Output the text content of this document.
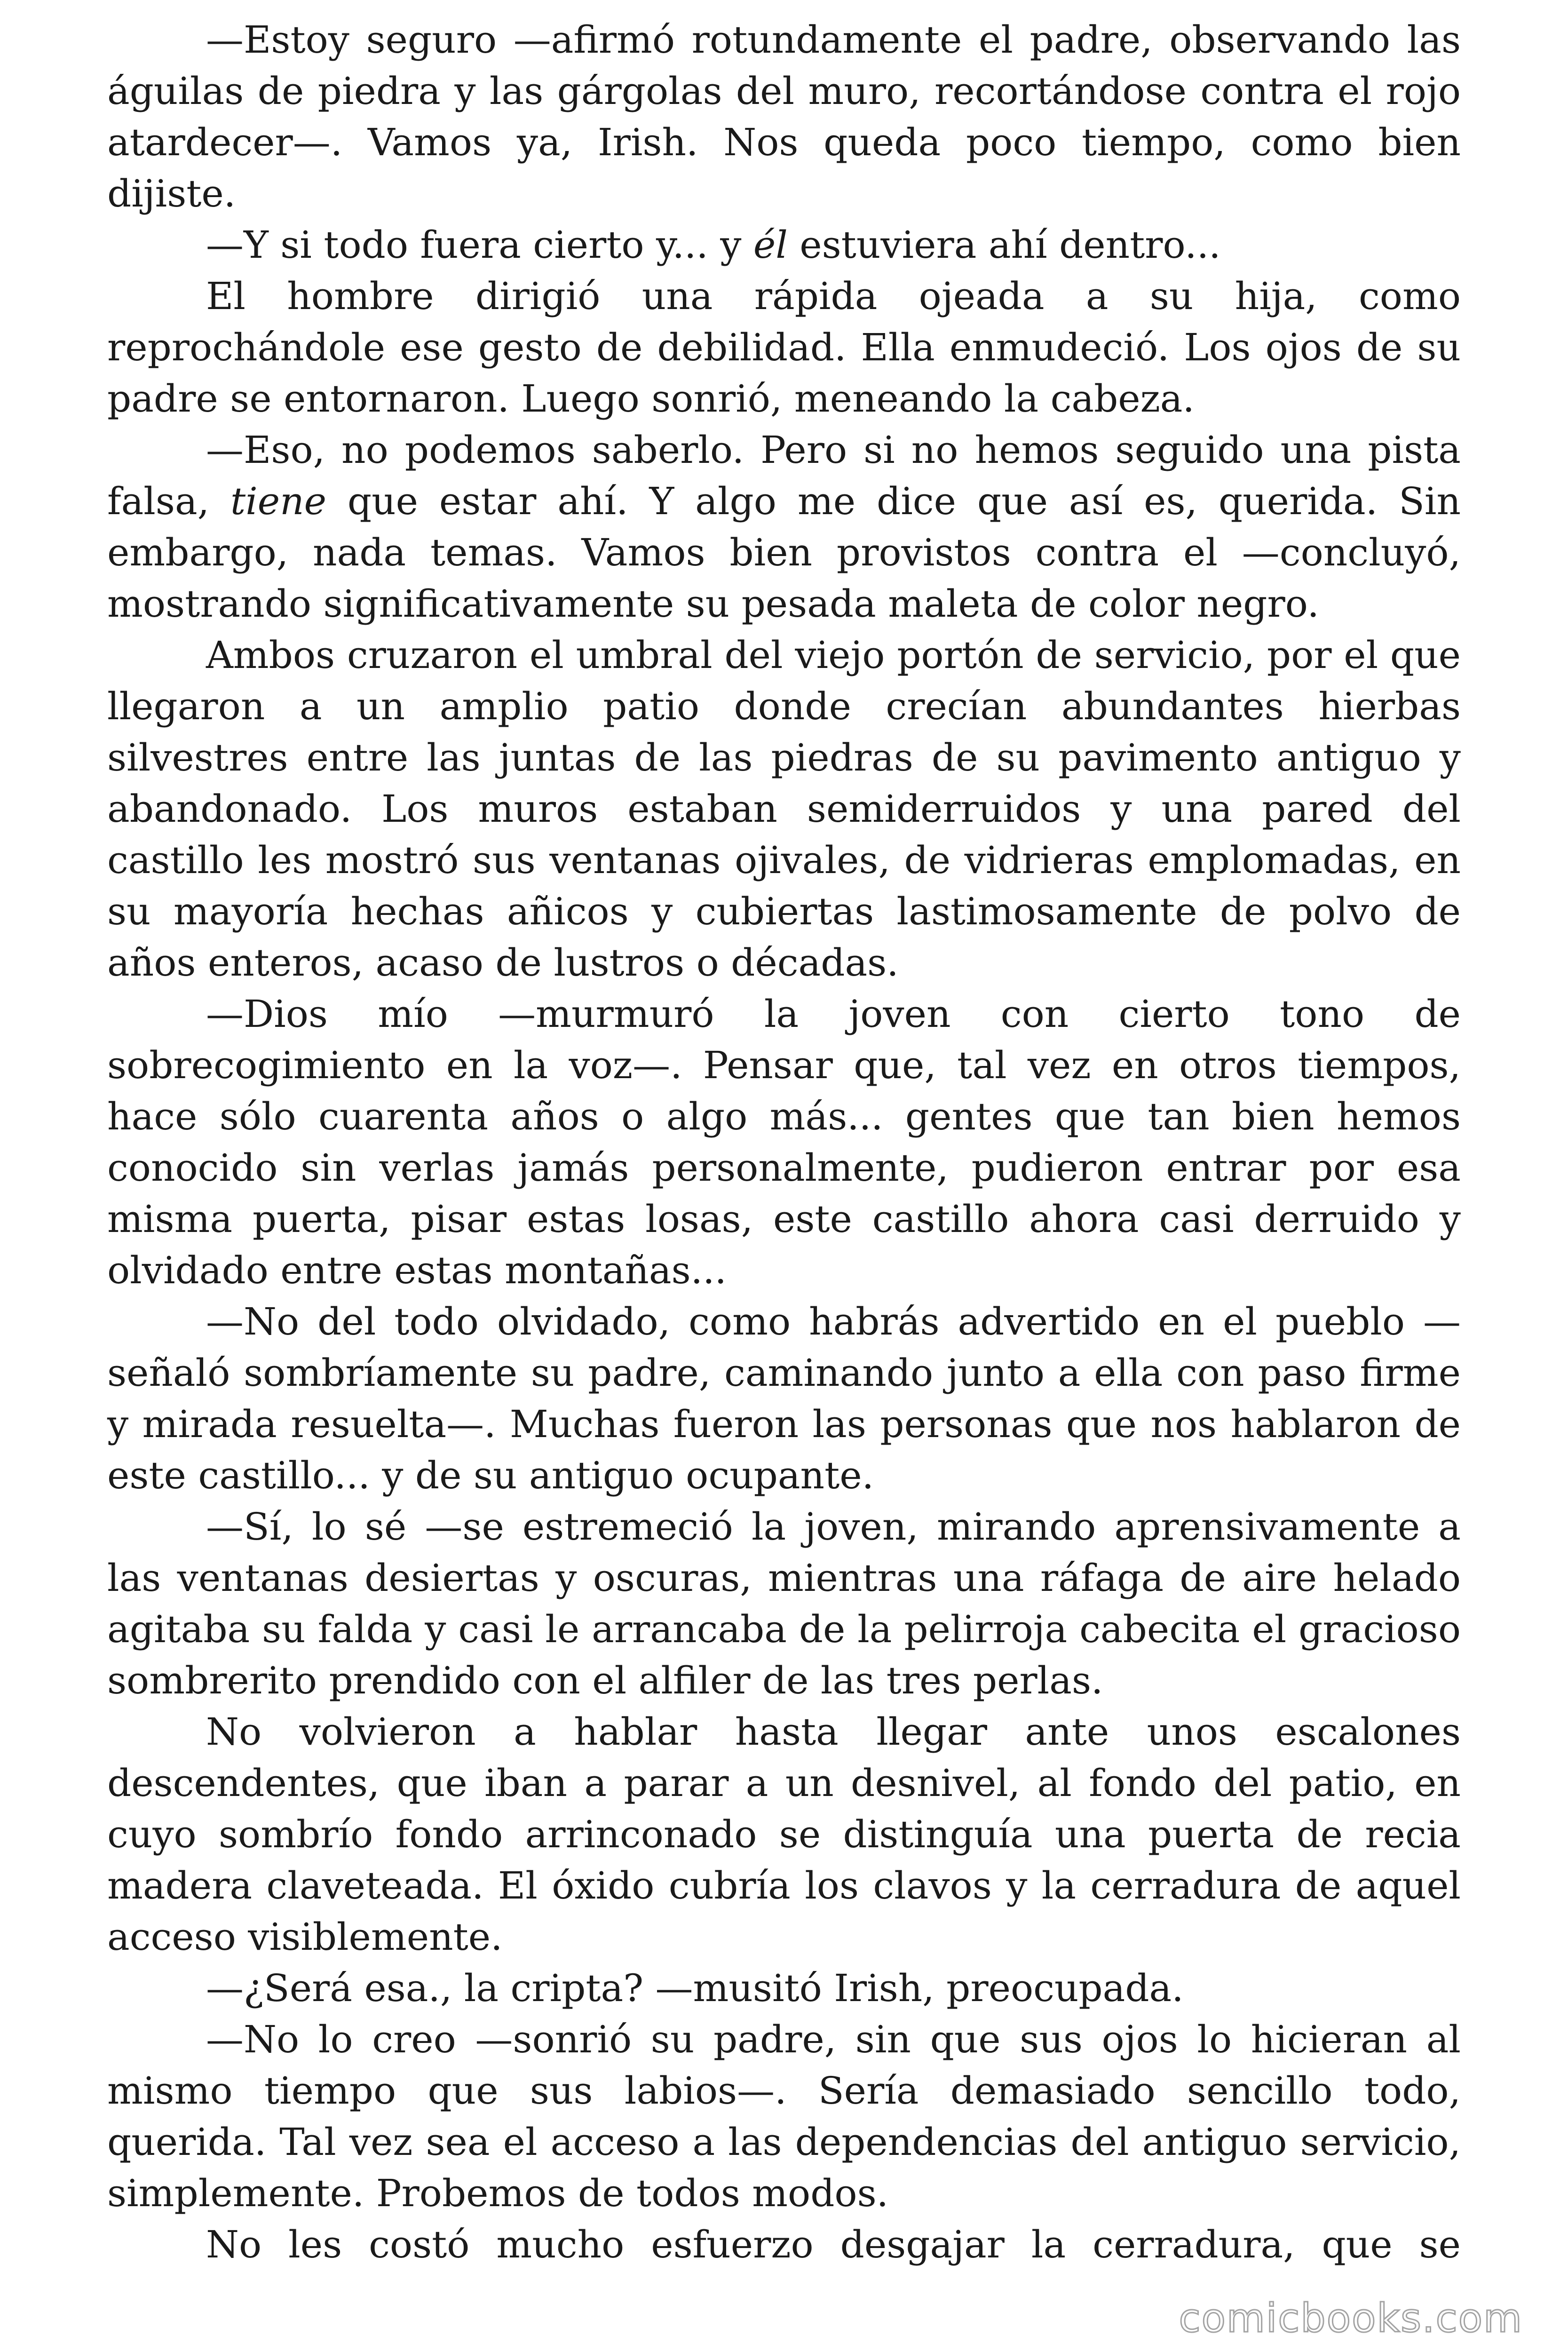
—Estoy seguro —afirmó rotundamente el padre, observando las águilas de piedra y las gárgolas del muro, recortándose contra el rojo atardecer—. Vamos ya, Irish. Nos queda poco tiempo, como bien dijiste.

—Y si todo fuera cierto y... y él estuviera ahí dentro...

El hombre dirigió una rápida ojeada a su hija, como reprochándole ese gesto de debilidad. Ella enmudeció. Los ojos de su padre se entornaron. Luego sonrió, meneando la cabeza.

—Eso, no podemos saberlo. Pero si no hemos seguido una pista falsa, tiene que estar ahí. Y algo me dice que así es, querida. Sin embargo, nada temas. Vamos bien provistos contra el —concluyó, mostrando significativamente su pesada maleta de color negro.

Ambos cruzaron el umbral del viejo portón de servicio, por el que llegaron a un amplio patio donde crecían abundantes hierbas silvestres entre las juntas de las piedras de su pavimento antiguo y abandonado. Los muros estaban semiderruidos y una pared del castillo les mostró sus ventanas ojivales, de vidrieras emplomadas, en su mayoría hechas añicos y cubiertas lastimosamente de polvo de años enteros, acaso de lustros o décadas.

—Dios mío —murmuró la joven con cierto tono de sobrecogimiento en la voz—. Pensar que, tal vez en otros tiempos, hace sólo cuarenta años o algo más... gentes que tan bien hemos conocido sin verlas jamás personalmente, pudieron entrar por esa misma puerta, pisar estas losas, este castillo ahora casi derruido y olvidado entre estas montañas...

—No del todo olvidado, como habrás advertido en el pueblo —señaló sombríamente su padre, caminando junto a ella con paso firme y mirada resuelta—. Muchas fueron las personas que nos hablaron de este castillo... y de su antiguo ocupante.

—Sí, lo sé —se estremeció la joven, mirando aprensivamente a las ventanas desiertas y oscuras, mientras una ráfaga de aire helado agitaba su falda y casi le arrancaba de la pelirroja cabecita el gracioso sombrerito prendido con el alfiler de las tres perlas.

No volvieron a hablar hasta llegar ante unos escalones descendentes, que iban a parar a un desnivel, al fondo del patio, en cuyo sombrío fondo arrinconado se distinguía una puerta de recia madera claveteada. El óxido cubría los clavos y la cerradura de aquel acceso visiblemente.

—¿Será esa., la cripta? —musitó Irish, preocupada.

—No lo creo —sonrió su padre, sin que sus ojos lo hicieran al mismo tiempo que sus labios—. Sería demasiado sencillo todo, querida. Tal vez sea el acceso a las dependencias del antiguo servicio, simplemente. Probemos de todos modos.

No les costó mucho esfuerzo desgajar la cerradura, que se

comicbooks.com
